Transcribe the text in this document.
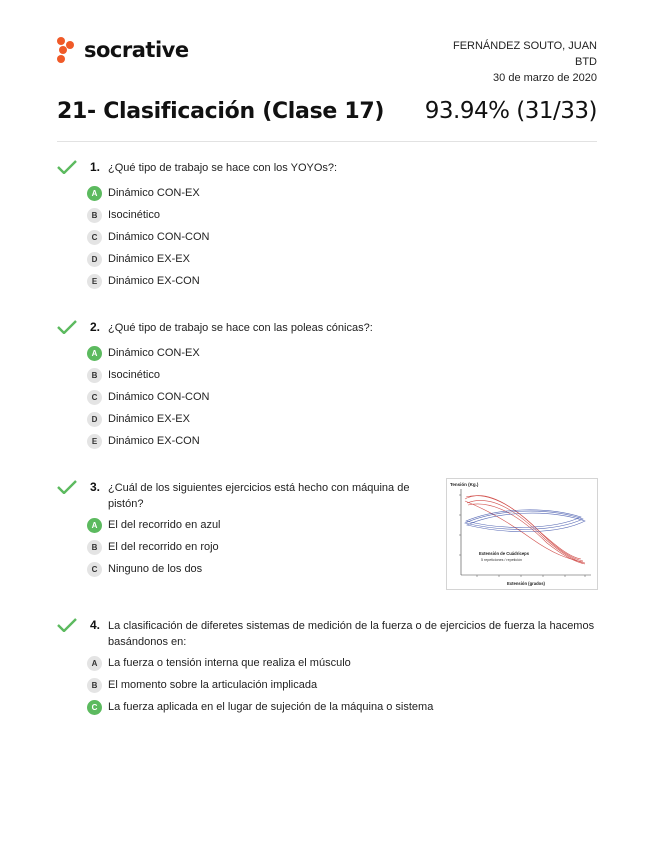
socrative	FERNÁNDEZ SOUTO, JUAN
BTD
30 de marzo de 2020
21- Clasificación (Clase 17) 93.94% (31/33)
1. ¿Qué tipo de trabajo se hace con los YOYOs?:
A Dinámico CON-EX
B Isocinético
C Dinámico CON-CON
D Dinámico EX-EX
E Dinámico EX-CON
2. ¿Qué tipo de trabajo se hace con las poleas cónicas?:
A Dinámico CON-EX
B Isocinético
C Dinámico CON-CON
D Dinámico EX-EX
E Dinámico EX-CON
3. ¿Cuál de los siguientes ejercicios está hecho con máquina de pistón?
A El del recorrido en azul
B El del recorrido en rojo
C Ninguno de los dos
Tensión (Kg.)
Extensión de Cuádriceps
5 repeticiones / repetición
Extensión (grados)
4. La clasificación de diferetes sistemas de medición de la fuerza o de ejercicios de fuerza la hacemos basándonos en:
A La fuerza o tensión interna que realiza el músculo
B El momento sobre la articulación implicada
C La fuerza aplicada en el lugar de sujeción de la máquina o sistema
